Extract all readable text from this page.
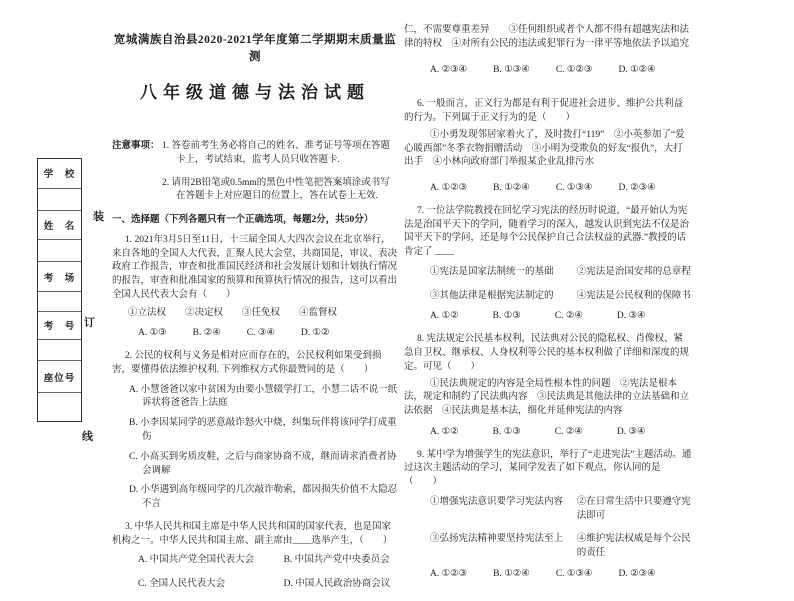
学　校
姓　名
考　场
考　号
座位号
装
订
线
宽城满族自治县2020-2021学年度第二学期期末质量监测
八年级道德与法治试题
注意事项： 1. 答卷前考生务必将自己的姓名、准考证号等项在答题卡上，考试结束，监考人员只收答题卡.

2. 请用2B铅笔或0.5mm的黑色中性笔把答案填涂或书写在答题卡上对应题目的位置上，答在试卷上无效.

一、选择题（下列各题只有一个正确选项，每题2分，共50分）

1. 2021年3月5日至11日，十三届全国人大四次会议在北京举行，来自各地的全国人大代表，汇聚人民大会堂，共商国是，审议、表决政府工作报告，审查和批准国民经济和社会发展计划和计划执行情况的报告，审查和批准国家的预算和预算执行情况的报告，这可以看出全国人民代表大会有（　　）

①立法权　　②决定权　　③任免权　　④监督权
A. ①③	B. ②④	C. ③④	D. ①②

2. 公民的权利与义务是相对应而存在的，公民权利如果受到损害，要懂得依法维护权利. 下列维权方式你最赞同的是（　　）

A. 小慧爸爸以家中贫困为由要小慧辍学打工，小慧二话不说一纸诉状将爸爸告上法庭

B. 小李因某同学的恶意敲诈怒火中烧，纠集玩伴将该同学打成重伤

C. 小高买到劣质皮鞋，之后与商家协商不成，继而请求消费者协会调解

D. 小华遇到高年级同学的几次敲诈勒索，都因损失价值不大隐忍不言

3. 中华人民共和国主席是中华人民共和国的国家代表，也是国家机构之一。中华人民共和国主席、副主席由____选举产生，（　　）

A. 中国共产党全国代表大会	B. 中国共产党中央委员会
C. 全国人民代表大会	D. 中国人民政治协商会议

仁，不需要尊重差异　　③任何组织或者个人都不得有超越宪法和法律的特权　④对所有公民的违法或犯罪行为一律平等地依法予以追究

A. ②③④	B. ①③④	C. ①②③	D. ①②④

6. 一般而言，正义行为都是有利于促进社会进步、维护公共利益的行为。下列属于正义行为的是（　　）

①小勇发现邻居家着火了，及时拨打“119”　②小英参加了“爱心暖西部”冬季衣物捐赠活动　③小明为受欺负的好友“报仇”，大打出手　④小林向政府部门举报某企业乱排污水

A. ①②③	B. ①②④	C. ①③④	D. ②③④

7. 一位法学院教授在回忆学习宪法的经历时说道，“最开始认为宪法是治国平天下的学问，随着学习的深入，越发认识到宪法不仅是治国平天下的学问，还是每个公民保护自己合法权益的武器.”教授的话肯定了 ____

①宪法是国家法制统一的基础	②宪法是治国安邦的总章程
③其他法律是根据宪法制定的	④宪法是公民权利的保障书
A. ①②	B. ①③	C. ②④	D. ③④

8. 宪法规定公民基本权利，民法典对公民的隐私权、肖像权、紧急自卫权、继承权、人身权利等公民的基本权利做了详细和深度的规定。可见（　　）

①民法典规定的内容是全局性根本性的问题　②宪法是根本法，规定和制约了民法典内容　③民法典是其他法律的立法基础和立法依据　④民法典是基本法，细化并延伸宪法的内容

A. ①②	B. ①③	C. ②④	D. ③④

9. 某中学为增强学生的宪法意识，举行了“走进宪法”主题活动。通过这次主题活动的学习，某同学发表了如下观点，你认同的是（　　）

①增强宪法意识要学习宪法内容	②在日常生活中只要遵守宪法即可
③弘扬宪法精神要坚持宪法至上	④维护宪法权威是每个公民的责任
A. ①②③	B. ①②④	C. ①③④	D. ②③④
